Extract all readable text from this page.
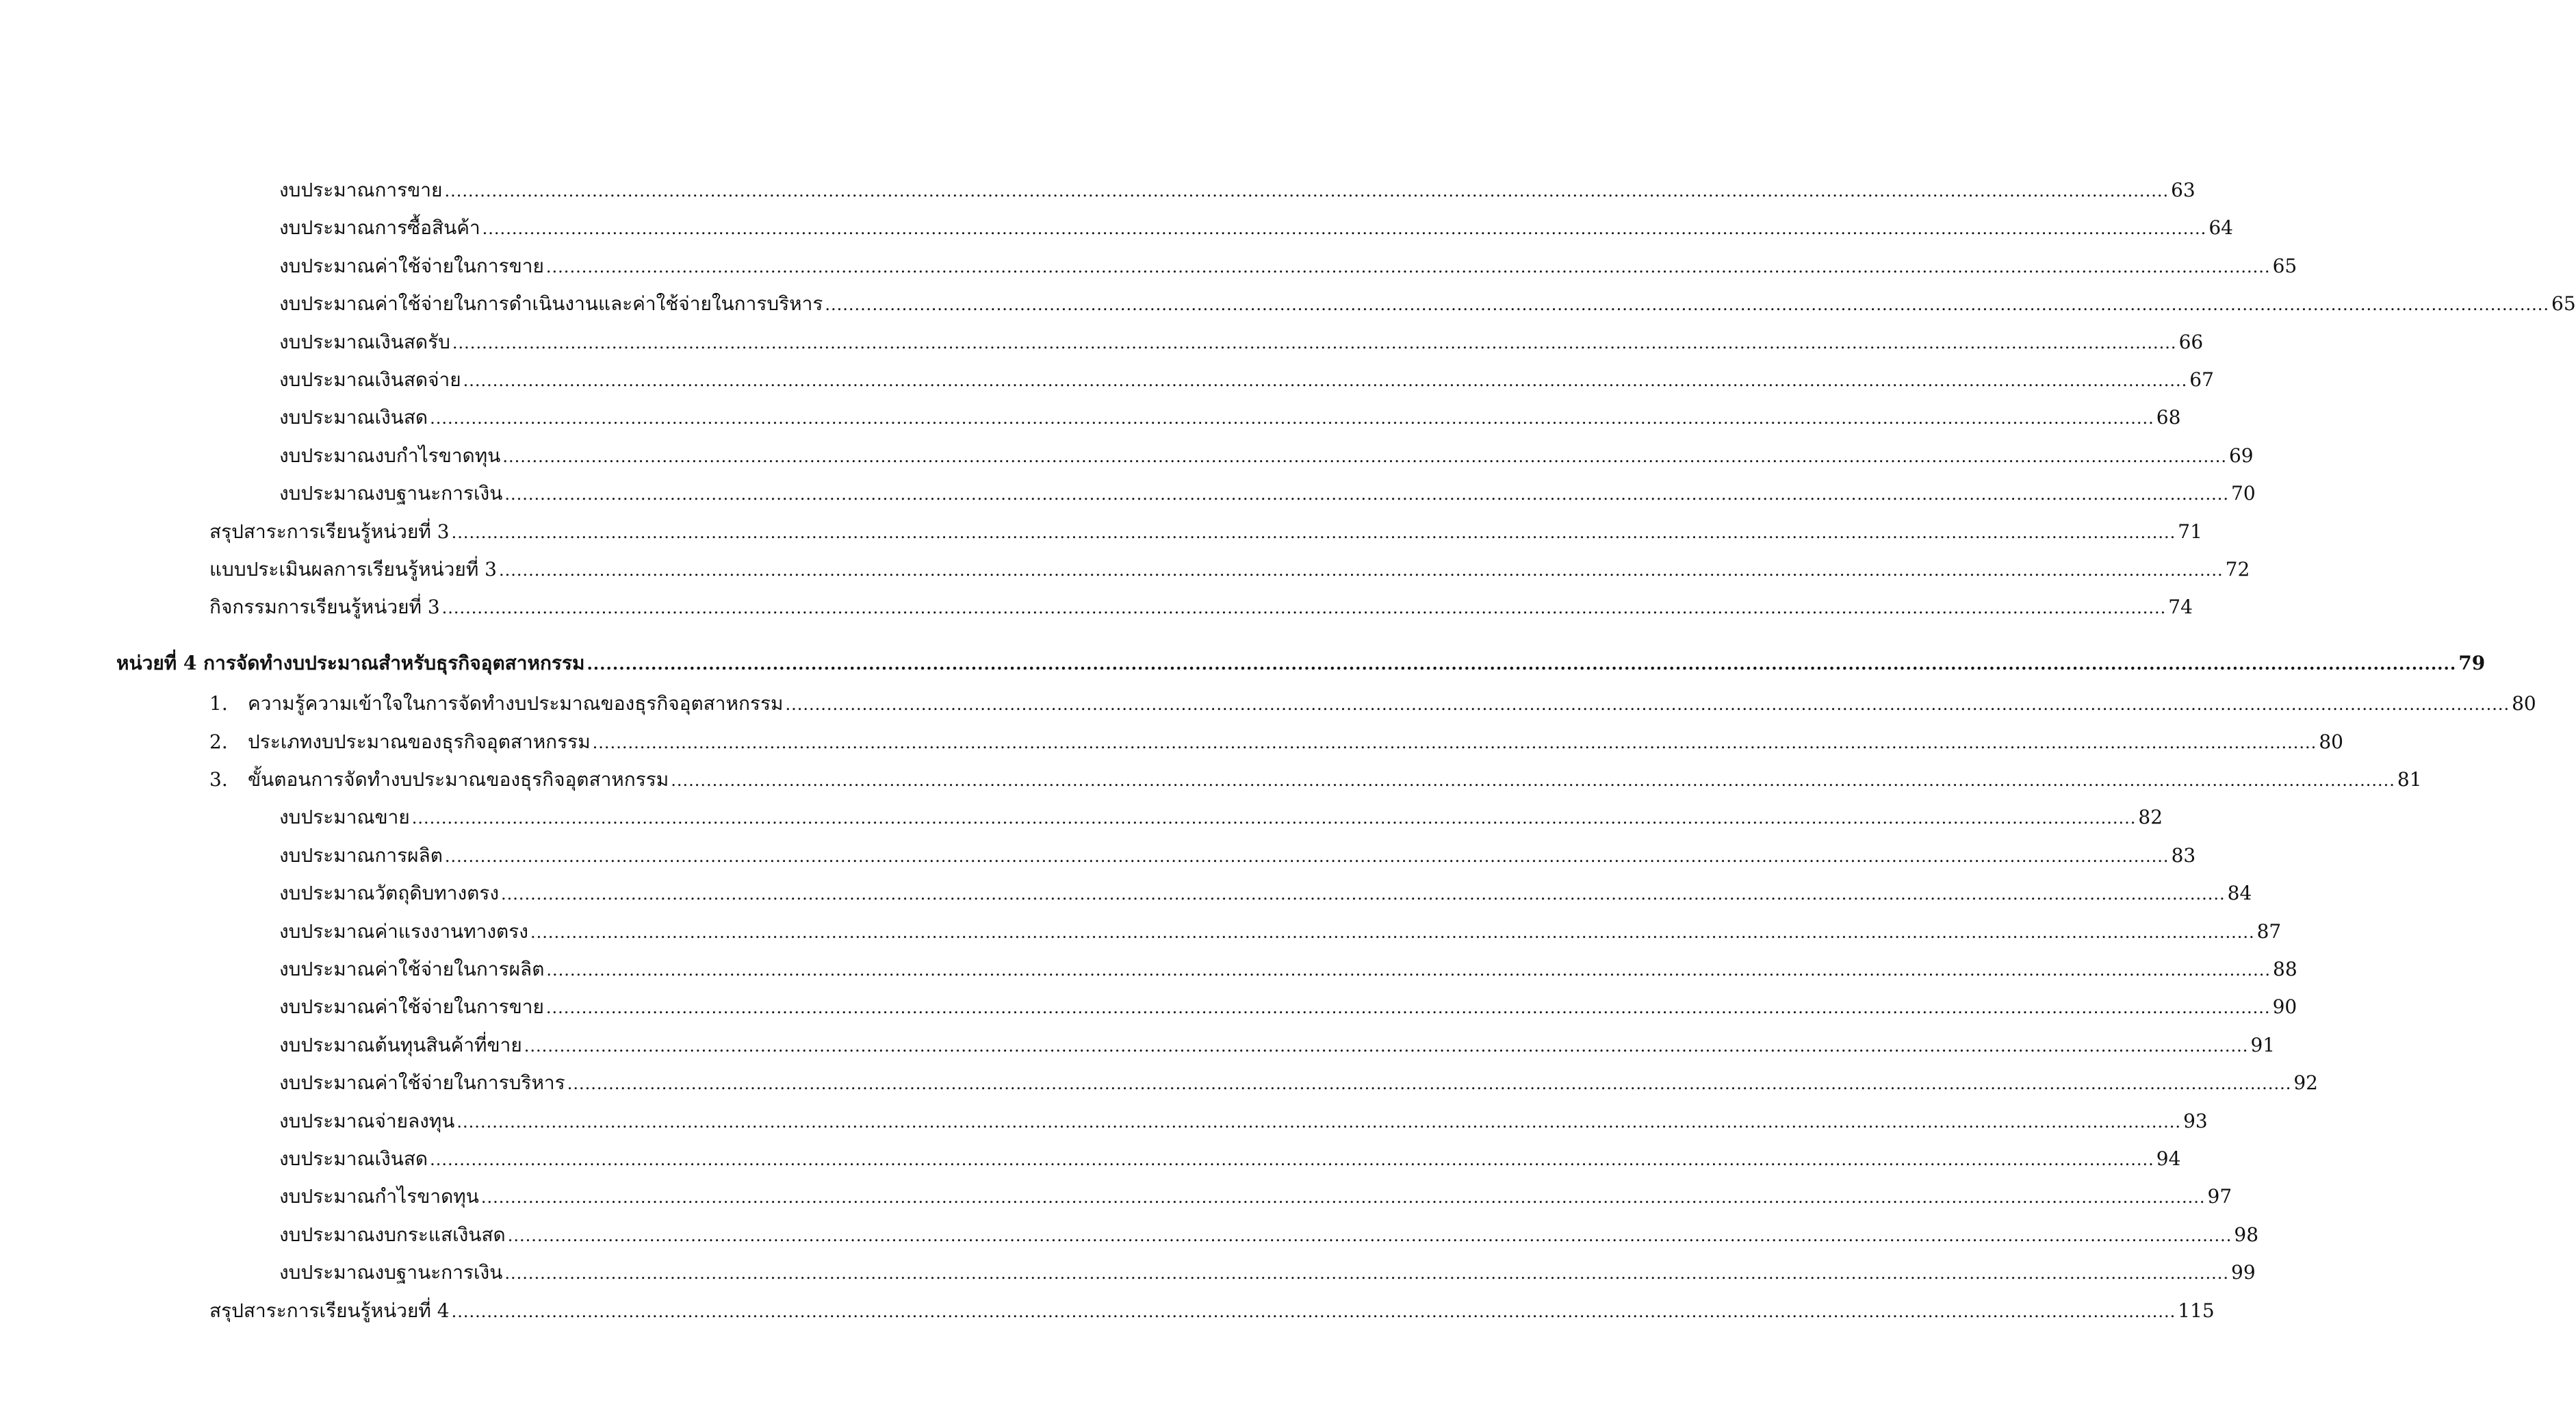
งบประมาณการขาย .................................................................................................................................................................................................................................................................................................... 63
งบประมาณการซื้อสินค้า .................................................................................................................................................................................................................................................................................................... 64
งบประมาณค่าใช้จ่ายในการขาย .................................................................................................................................................................................................................................................................................................... 65
งบประมาณค่าใช้จ่ายในการดำเนินงานและค่าใช้จ่ายในการบริหาร .................................................................................................................................................................................................................................................................................................... 65
งบประมาณเงินสดรับ .................................................................................................................................................................................................................................................................................................... 66
งบประมาณเงินสดจ่าย .................................................................................................................................................................................................................................................................................................... 67
งบประมาณเงินสด .................................................................................................................................................................................................................................................................................................... 68
งบประมาณงบกำไรขาดทุน .................................................................................................................................................................................................................................................................................................... 69
งบประมาณงบฐานะการเงิน .................................................................................................................................................................................................................................................................................................... 70
สรุปสาระการเรียนรู้หน่วยที่ 3 .................................................................................................................................................................................................................................................................................................... 71
แบบประเมินผลการเรียนรู้หน่วยที่ 3 .................................................................................................................................................................................................................................................................................................... 72
กิจกรรมการเรียนรู้หน่วยที่ 3 .................................................................................................................................................................................................................................................................................................... 74
หน่วยที่ 4 การจัดทำงบประมาณสำหรับธุรกิจอุตสาหกรรม .................................................................................................................................................................................................................................................................................................... 79
1.	ความรู้ความเข้าใจในการจัดทำงบประมาณของธุรกิจอุตสาหกรรม .................................................................................................................................................................................................................................................................................................... 80
2.	ประเภทงบประมาณของธุรกิจอุตสาหกรรม .................................................................................................................................................................................................................................................................................................... 80
3.	ขั้นตอนการจัดทำงบประมาณของธุรกิจอุตสาหกรรม .................................................................................................................................................................................................................................................................................................... 81
งบประมาณขาย .................................................................................................................................................................................................................................................................................................... 82
งบประมาณการผลิต .................................................................................................................................................................................................................................................................................................... 83
งบประมาณวัตถุดิบทางตรง .................................................................................................................................................................................................................................................................................................... 84
งบประมาณค่าแรงงานทางตรง .................................................................................................................................................................................................................................................................................................... 87
งบประมาณค่าใช้จ่ายในการผลิต .................................................................................................................................................................................................................................................................................................... 88
งบประมาณค่าใช้จ่ายในการขาย .................................................................................................................................................................................................................................................................................................... 90
งบประมาณต้นทุนสินค้าที่ขาย .................................................................................................................................................................................................................................................................................................... 91
งบประมาณค่าใช้จ่ายในการบริหาร .................................................................................................................................................................................................................................................................................................... 92
งบประมาณจ่ายลงทุน .................................................................................................................................................................................................................................................................................................... 93
งบประมาณเงินสด .................................................................................................................................................................................................................................................................................................... 94
งบประมาณกำไรขาดทุน .................................................................................................................................................................................................................................................................................................... 97
งบประมาณงบกระแสเงินสด .................................................................................................................................................................................................................................................................................................... 98
งบประมาณงบฐานะการเงิน .................................................................................................................................................................................................................................................................................................... 99
สรุปสาระการเรียนรู้หน่วยที่ 4 .................................................................................................................................................................................................................................................................................................... 115
